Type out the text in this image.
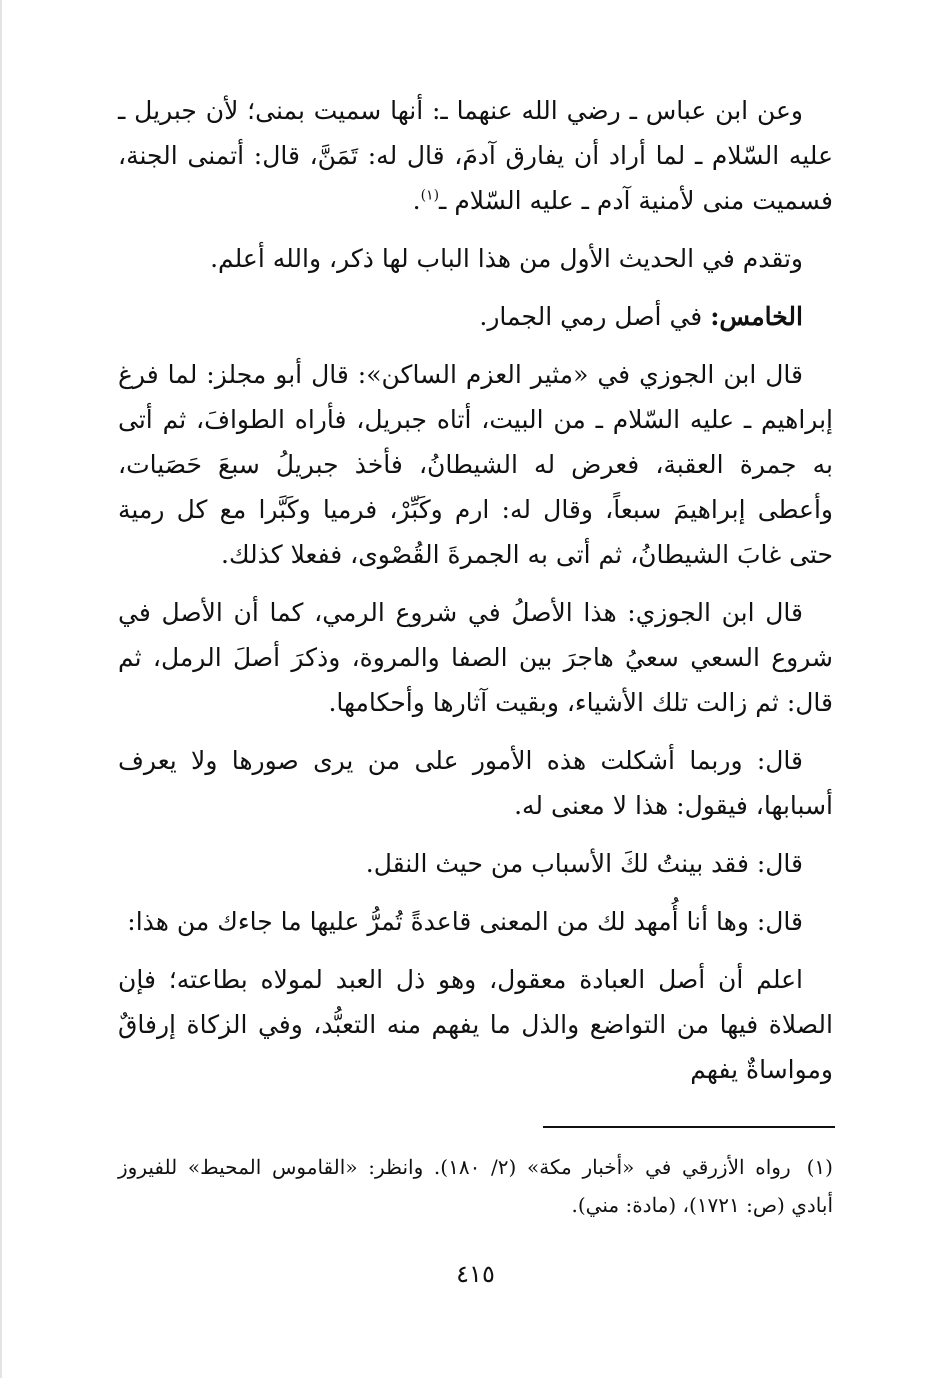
وعن ابن عباس ـ رضي الله عنهما ـ: أنها سميت بمنى؛ لأن جبريل ـ عليه السّلام ـ لما أراد أن يفارق آدمَ، قال له: تَمَنَّ، قال: أتمنى الجنة، فسميت منى لأمنية آدم ـ عليه السّلام ـ$^{(١)}$.

وتقدم في الحديث الأول من هذا الباب لها ذكر، والله أعلم.

الخامس: في أصل رمي الجمار.

قال ابن الجوزي في «مثير العزم الساكن»: قال أبو مجلز: لما فرغ إبراهيم ـ عليه السّلام ـ من البيت، أتاه جبريل، فأراه الطوافَ، ثم أتى به جمرة العقبة، فعرض له الشيطانُ، فأخذ جبريلُ سبعَ حَصَيات، وأعطى إبراهيمَ سبعاً، وقال له: ارم وكَبِّرْ، فرميا وكَبَّرا مع كل رمية حتى غابَ الشيطانُ، ثم أتى به الجمرةَ القُصْوى، ففعلا كذلك.

قال ابن الجوزي: هذا الأصلُ في شروع الرمي، كما أن الأصل في شروع السعي سعيُ هاجرَ بين الصفا والمروة، وذكرَ أصلَ الرمل، ثم قال: ثم زالت تلك الأشياء، وبقيت آثارها وأحكامها.

قال: وربما أشكلت هذه الأمور على من يرى صورها ولا يعرف أسبابها، فيقول: هذا لا معنى له.

قال: فقد بينتُ لكَ الأسباب من حيث النقل.

قال: وها أنا أُمهد لك من المعنى قاعدةً تُمرُّ عليها ما جاءك من هذا:

اعلم أن أصل العبادة معقول، وهو ذل العبد لمولاه بطاعته؛ فإن الصلاة فيها من التواضع والذل ما يفهم منه التعبُّد، وفي الزكاة إرفاقٌ ومواساةٌ يفهم

(١)رواه الأزرقي في «أخبار مكة» (٢/ ١٨٠). وانظر: «القاموس المحيط» للفيروز أبادي (ص: ١٧٢١)، (مادة: مني).

٤١٥
